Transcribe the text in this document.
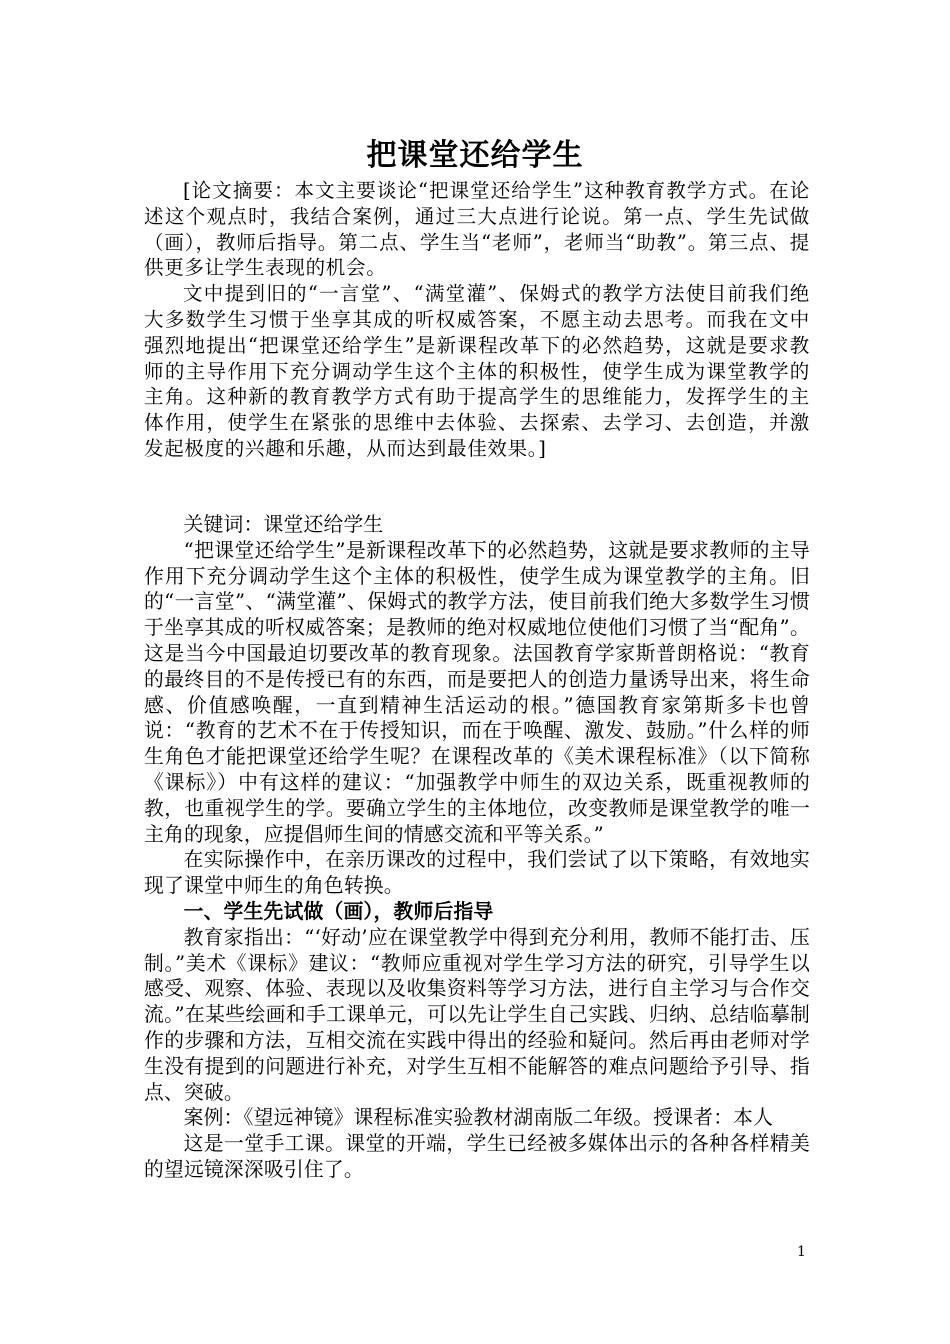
把课堂还给学生

[论文摘要：本文主要谈论“把课堂还给学生”这种教育教学方式。在论述这个观点时，我结合案例，通过三大点进行论说。第一点、学生先试做（画），教师后指导。第二点、学生当“老师”，老师当“助教”。第三点、提供更多让学生表现的机会。

文中提到旧的“一言堂”、“满堂灌”、保姆式的教学方法使目前我们绝大多数学生习惯于坐享其成的听权威答案，不愿主动去思考。而我在文中强烈地提出“把课堂还给学生”是新课程改革下的必然趋势，这就是要求教师的主导作用下充分调动学生这个主体的积极性，使学生成为课堂教学的主角。这种新的教育教学方式有助于提高学生的思维能力，发挥学生的主体作用，使学生在紧张的思维中去体验、去探索、去学习、去创造，并激发起极度的兴趣和乐趣，从而达到最佳效果。]

关键词：课堂还给学生

“把课堂还给学生”是新课程改革下的必然趋势，这就是要求教师的主导作用下充分调动学生这个主体的积极性，使学生成为课堂教学的主角。旧的“一言堂”、“满堂灌”、保姆式的教学方法，使目前我们绝大多数学生习惯于坐享其成的听权威答案；是教师的绝对权威地位使他们习惯了当“配角”。这是当今中国最迫切要改革的教育现象。法国教育学家斯普朗格说：“教育的最终目的不是传授已有的东西，而是要把人的创造力量诱导出来，将生命感、价值感唤醒，一直到精神生活运动的根。”德国教育家第斯多卡也曾说：“教育的艺术不在于传授知识，而在于唤醒、激发、鼓励。”什么样的师生角色才能把课堂还给学生呢？在课程改革的《美术课程标准》（以下简称《课标》）中有这样的建议：“加强教学中师生的双边关系，既重视教师的教，也重视学生的学。要确立学生的主体地位，改变教师是课堂教学的唯一主角的现象，应提倡师生间的情感交流和平等关系。”

在实际操作中，在亲历课改的过程中，我们尝试了以下策略，有效地实现了课堂中师生的角色转换。

一、学生先试做（画），教师后指导

教育家指出：“‘好动’应在课堂教学中得到充分利用，教师不能打击、压制。”美术《课标》建议：“教师应重视对学生学习方法的研究，引导学生以感受、观察、体验、表现以及收集资料等学习方法，进行自主学习与合作交流。”在某些绘画和手工课单元，可以先让学生自己实践、归纳、总结临摹制作的步骤和方法，互相交流在实践中得出的经验和疑问。然后再由老师对学生没有提到的问题进行补充，对学生互相不能解答的难点问题给予引导、指点、突破。

案例：《望远神镜》课程标准实验教材湖南版二年级。授课者：本人

这是一堂手工课。课堂的开端，学生已经被多媒体出示的各种各样精美的望远镜深深吸引住了。

1
